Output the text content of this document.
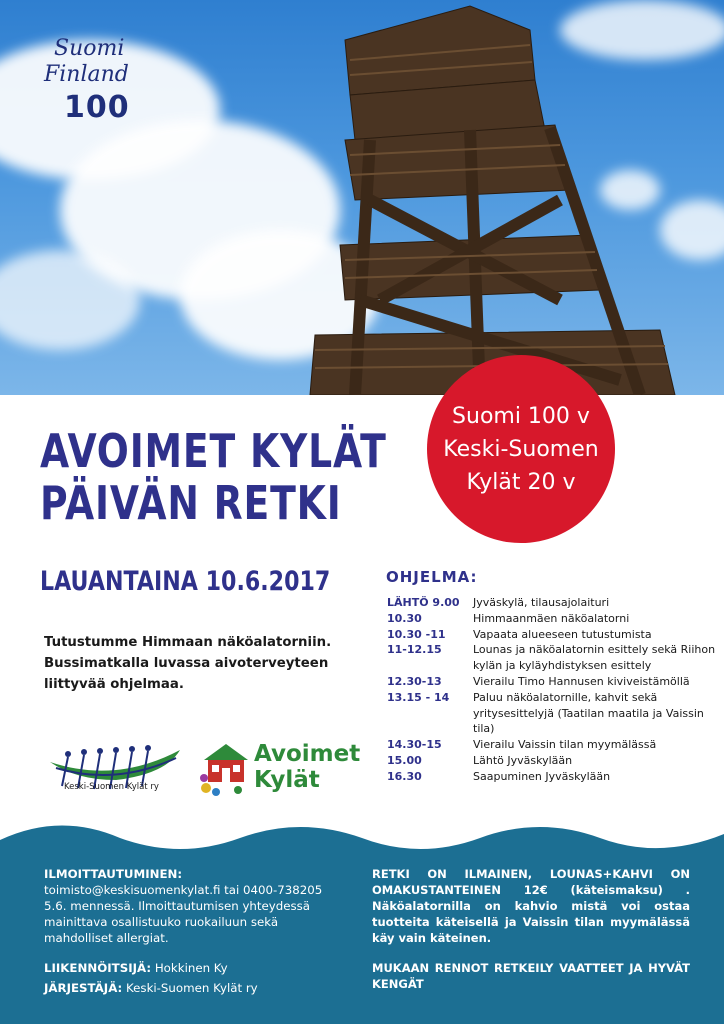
Suomi
Finland
100
Suomi 100 v
Keski-Suomen
Kylät 20 v
AVOIMET KYLÄT
PÄIVÄN RETKI
LAUANTAINA 10.6.2017
Tutustumme Himmaan näköalatorniin. Bussimatkalla luvassa aivoterveyteen liittyvää ohjelmaa.
OHJELMA:
LÄHTÖ 9.00	Jyväskylä, tilausajolaituri
10.30	Himmaanmäen näköalatorni
10.30 -11	Vapaata alueeseen tutustumista
11-12.15	Lounas ja näköalatornin esittely sekä Riihon kylän ja kyläyhdistyksen esittely
12.30-13	Vierailu Timo Hannusen kiviveistämöllä
13.15 - 14	Paluu näköalatornille, kahvit sekä yritysesittelyjä (Taatilan maatila ja Vaissin tila)
14.30-15	Vierailu Vaissin tilan myymälässä
15.00	Lähtö Jyväskylään
16.30	Saapuminen Jyväskylään
Keski-Suomen Kylät ry
Avoimet
Kylät
ILMOITTAUTUMINEN:
toimisto@keskisuomenkylat.fi tai 0400-738205 5.6. mennessä. Ilmoittautumisen yhteydessä mainittava osallistuuko ruokailuun sekä mahdolliset allergiat.
LIIKENNÖITSIJÄ: Hokkinen Ky
JÄRJESTÄJÄ: Keski-Suomen Kylät ry
RETKI ON ILMAINEN, LOUNAS+KAHVI ON OMAKUSTANTEINEN 12€ (käteismaksu) . Näköalatornilla on kahvio mistä voi ostaa tuotteita käteisellä ja Vaissin tilan myymälässä käy vain käteinen.
MUKAAN RENNOT RETKEILY VAATTEET JA HYVÄT KENGÄT
